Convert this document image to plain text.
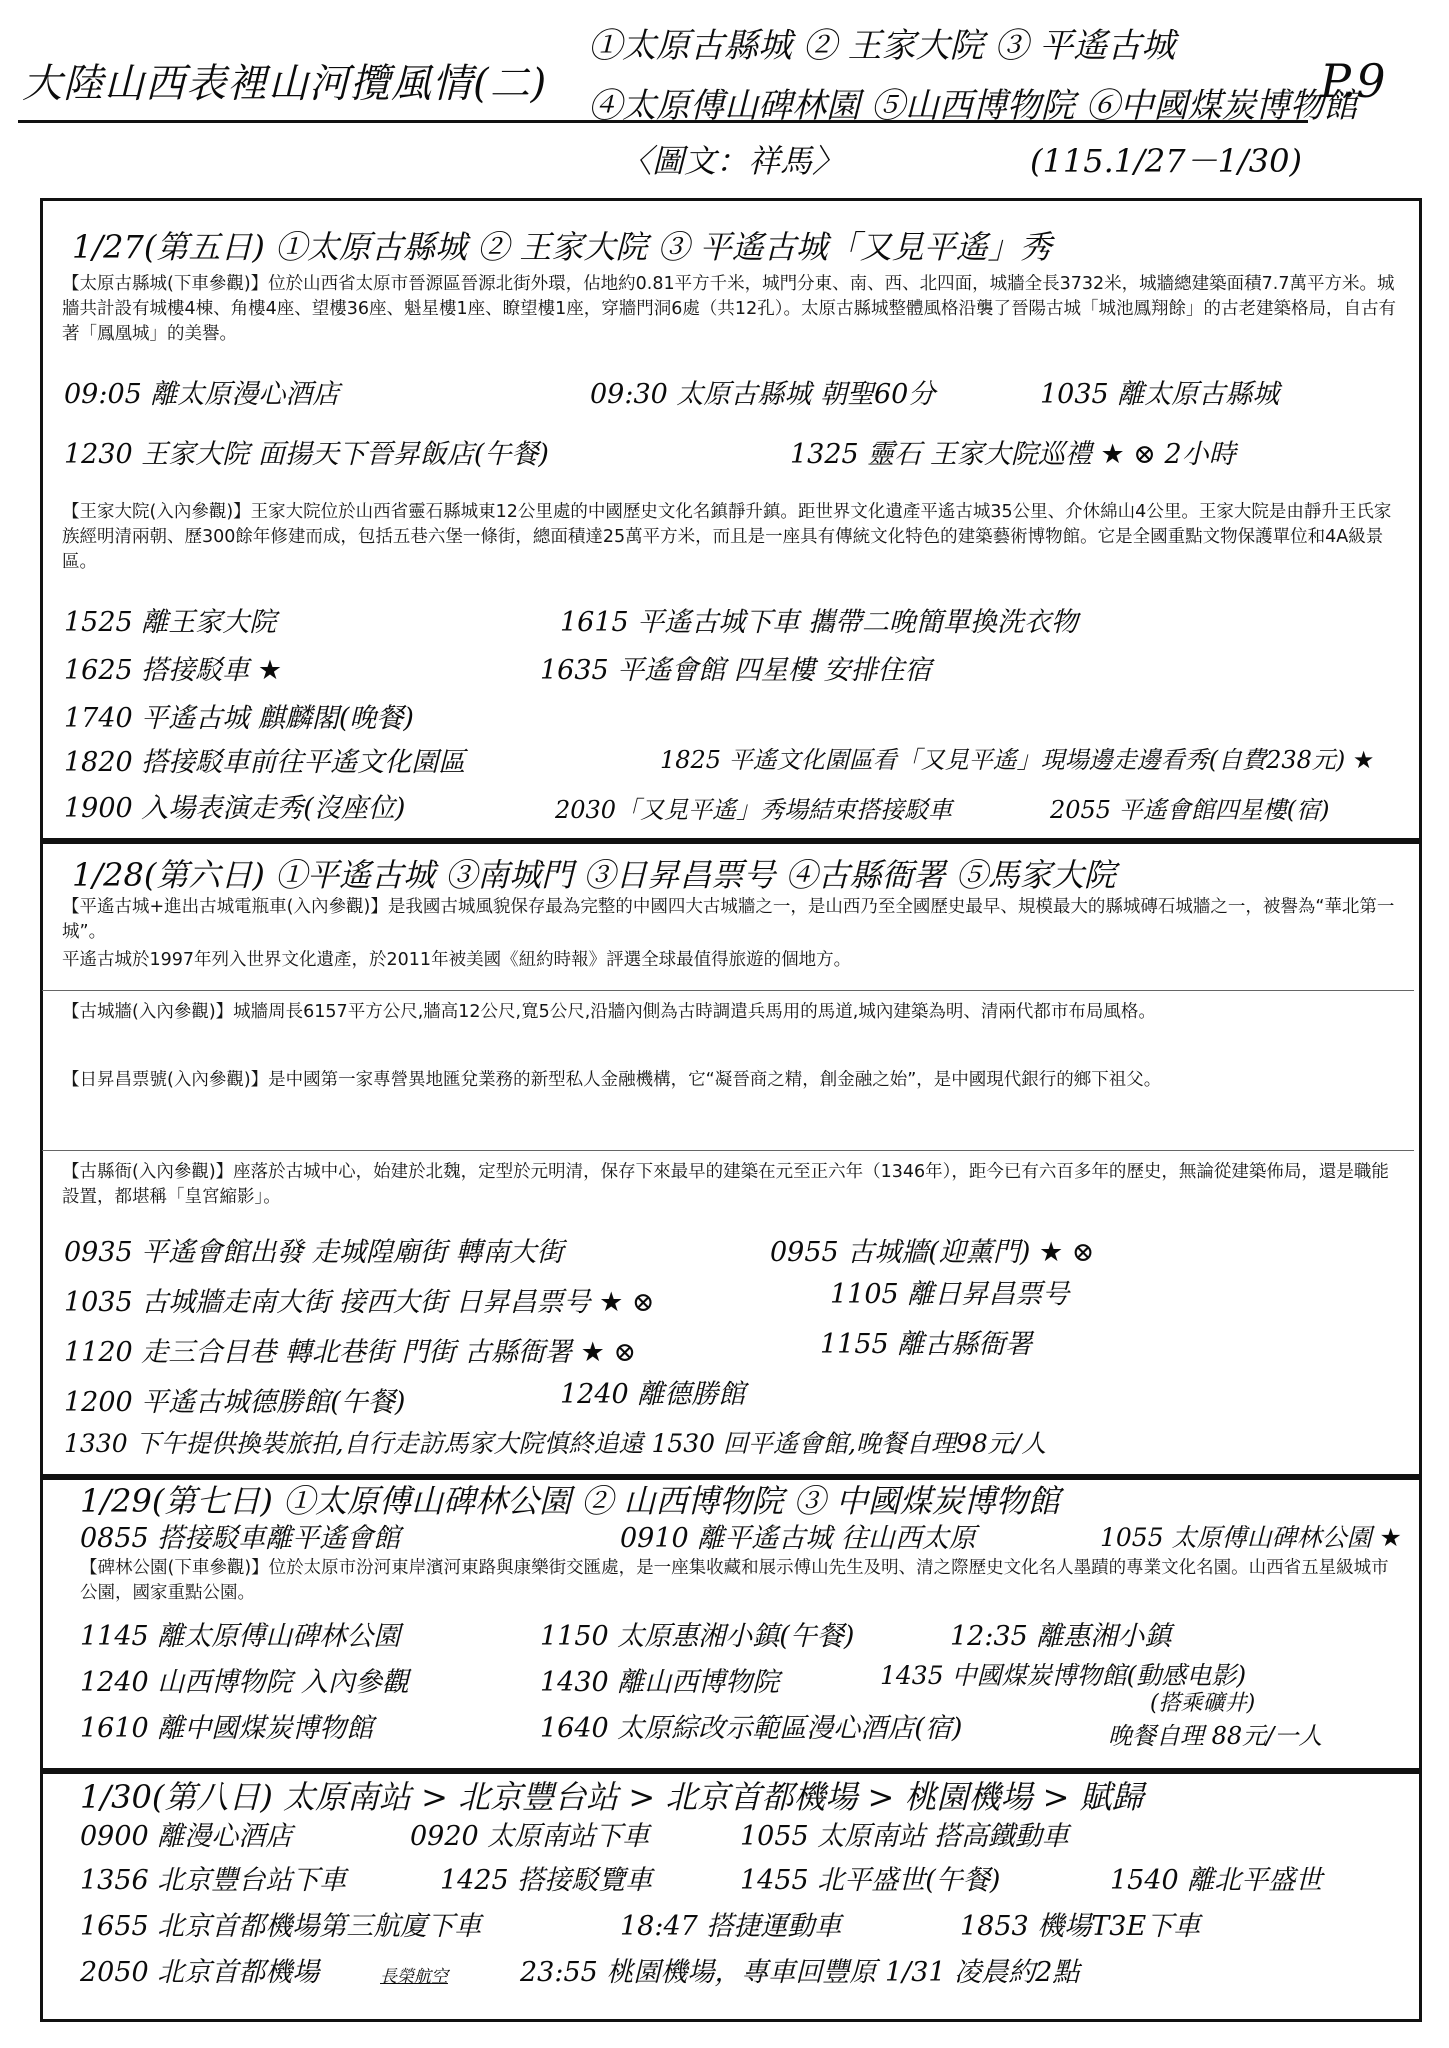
大陸山西表裡山河攬風情(二)
①太原古縣城 ② 王家大院 ③ 平遙古城
④太原傅山碑林園 ⑤山西博物院 ⑥中國煤炭博物館
P.9
〈圖文：祥馬〉	(115.1/27－1/30)
1/27(第五日) ①太原古縣城 ② 王家大院 ③ 平遙古城「又見平遙」秀
【太原古縣城(下車參觀)】位於山西省太原市晉源區晉源北街外環，佔地約0.81平方千米，城門分東、南、西、北四面，城牆全長3732米，城牆總建築面積7.7萬平方米。城牆共計設有城樓4棟、角樓4座、望樓36座、魁星樓1座、瞭望樓1座，穿牆門洞6處（共12孔）。太原古縣城整體風格沿襲了晉陽古城「城池鳳翔餘」的古老建築格局，自古有著「鳳凰城」的美譽。
09:05 離太原漫心酒店	09:30 太原古縣城 朝聖60分	1035 離太原古縣城
1230 王家大院 面揚天下晉昇飯店(午餐)	1325 靈石 王家大院巡禮 ★ ⊗ 2小時
【王家大院(入內參觀)】王家大院位於山西省靈石縣城東12公里處的中國歷史文化名鎮靜升鎮。距世界文化遺產平遙古城35公里、介休綿山4公里。王家大院是由靜升王氏家族經明清兩朝、歷300餘年修建而成，包括五巷六堡一條街，總面積達25萬平方米，而且是一座具有傳統文化特色的建築藝術博物館。它是全國重點文物保護單位和4A級景區。
1525 離王家大院	1615 平遙古城下車 攜帶二晚簡單換洗衣物
1625 搭接駁車 ★	1635 平遙會館 四星樓 安排住宿
1740 平遙古城 麒麟閣(晚餐)
1820 搭接駁車前往平遙文化園區	1825 平遙文化園區看「又見平遙」現場邊走邊看秀(自費238元) ★
1900 入場表演走秀(沒座位)	2030「又見平遙」秀場結束搭接駁車	2055 平遙會館四星樓(宿)
1/28(第六日) ①平遙古城 ③南城門 ③日昇昌票号 ④古縣衙署 ⑤馬家大院
【平遙古城+進出古城電瓶車(入內參觀)】是我國古城風貌保存最為完整的中國四大古城牆之一，是山西乃至全國歷史最早、規模最大的縣城磚石城牆之一，被譽為“華北第一城”。
平遙古城於1997年列入世界文化遺產，於2011年被美國《紐約時報》評選全球最值得旅遊的個地方。
【古城牆(入內參觀)】城牆周長6157平方公尺,牆高12公尺,寬5公尺,沿牆內側為古時調遣兵馬用的馬道,城內建築為明、清兩代都市布局風格。
【日昇昌票號(入內參觀)】是中國第一家專營異地匯兌業務的新型私人金融機構，它“凝晉商之精，創金融之始”，是中國現代銀行的鄉下祖父。
【古縣衙(入內參觀)】座落於古城中心，始建於北魏，定型於元明清，保存下來最早的建築在元至正六年（1346年），距今已有六百多年的歷史，無論從建築佈局，還是職能設置，都堪稱「皇宮縮影」。
0935 平遙會館出發 走城隍廟街 轉南大街	0955 古城牆(迎薰門) ★ ⊗
1035 古城牆走南大街 接西大街 日昇昌票号 ★ ⊗	1105 離日昇昌票号
1120 走三合目巷 轉北巷街 門街 古縣衙署 ★ ⊗	1155 離古縣衙署
1200 平遙古城德勝館(午餐)	1240 離德勝館
1330 下午提供換裝旅拍,自行走訪馬家大院慎終追遠 1530 回平遙會館,晚餐自理98元/人
1/29(第七日) ①太原傅山碑林公園 ② 山西博物院 ③ 中國煤炭博物館
0855 搭接駁車離平遙會館	0910 離平遙古城 往山西太原	1055 太原傅山碑林公園 ★
【碑林公園(下車參觀)】位於太原市汾河東岸濱河東路與康樂街交匯處，是一座集收藏和展示傅山先生及明、清之際歷史文化名人墨蹟的專業文化名園。山西省五星級城市公園，國家重點公園。
1145 離太原傅山碑林公園	1150 太原惠湘小鎮(午餐)	12:35 離惠湘小鎮
1240 山西博物院 入內參觀	1430 離山西博物院	1435 中國煤炭博物館(動感电影)
(搭乘礦井)
1610 離中國煤炭博物館	1640 太原綜改示範區漫心酒店(宿)	晚餐自理 88元/一人
1/30(第八日) 太原南站 > 北京豐台站 > 北京首都機場 > 桃園機場 > 賦歸
0900 離漫心酒店	0920 太原南站下車	1055 太原南站 搭高鐵動車
1356 北京豐台站下車	1425 搭接駁覽車	1455 北平盛世(午餐)	1540 離北平盛世
1655 北京首都機場第三航廈下車	18:47 搭捷運動車	1853 機場T3E下車
2050 北京首都機場	長榮航空	23:55 桃園機場，專車回豐原 1/31 凌晨約2點
